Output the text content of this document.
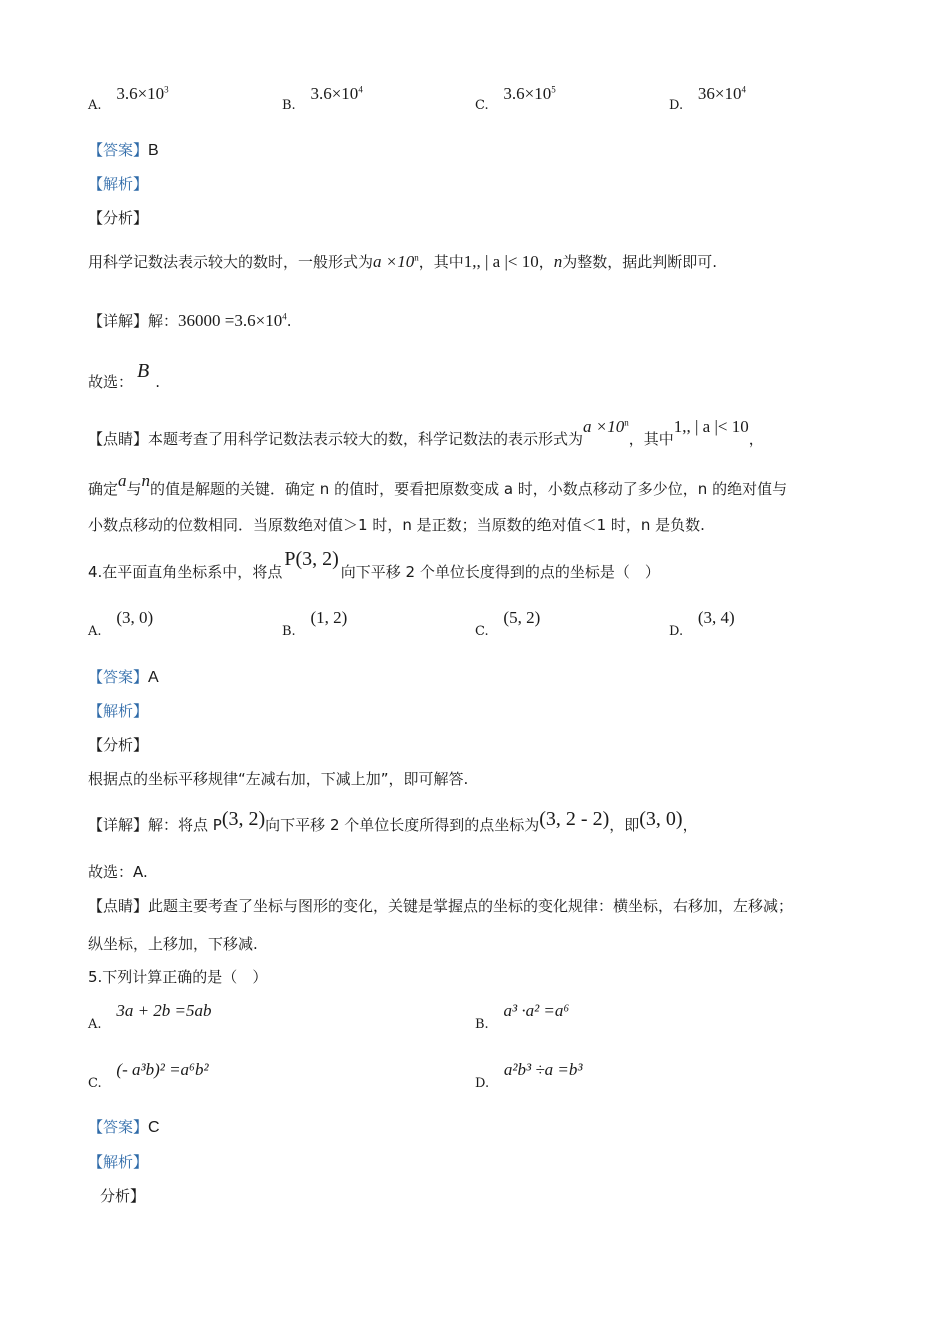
A. $3.6\times 10^3$
B. $3.6\times 10^4$
C. $3.6\times 10^5$
D. $36\times 10^4$
【答案】B
【解析】
【分析】
用科学记数法表示较大的数时，一般形式为$a \times 10^n$，其中1,, | a |< 10，n为整数，据此判断即可.
【详解】解：$36000 =3.6\times 10^4$.
故选： B .
【点睛】本题考查了用科学记数法表示较大的数，科学记数法的表示形式为$a \times 10^n$，其中1,, | a |< 10，
确定a与n的值是解题的关键．确定 n 的值时，要看把原数变成 a 时，小数点移动了多少位，n 的绝对值与
小数点移动的位数相同．当原数绝对值＞1 时，n 是正数；当原数的绝对值＜1 时，n 是负数.
4.在平面直角坐标系中，将点P(3, 2)向下平移 2 个单位长度得到的点的坐标是（　）
A. (3, 0)
B. (1, 2)
C. (5, 2)
D. (3, 4)
【答案】A
【解析】
【分析】
根据点的坐标平移规律“左减右加，下减上加”，即可解答.
【详解】解：将点 P(3, 2)向下平移 2 个单位长度所得到的点坐标为(3, 2 - 2)，即(3, 0)，
故选：A.
【点睛】此题主要考查了坐标与图形的变化，关键是掌握点的坐标的变化规律：横坐标，右移加，左移减；
纵坐标，上移加，下移减.
5.下列计算正确的是（　）
A. 3a + 2b =5ab
B. a³ ·a² =a⁶
C. (- a³b)² =a⁶b²
D. a²b³ ÷a =b³
【答案】C
【解析】
分析】
